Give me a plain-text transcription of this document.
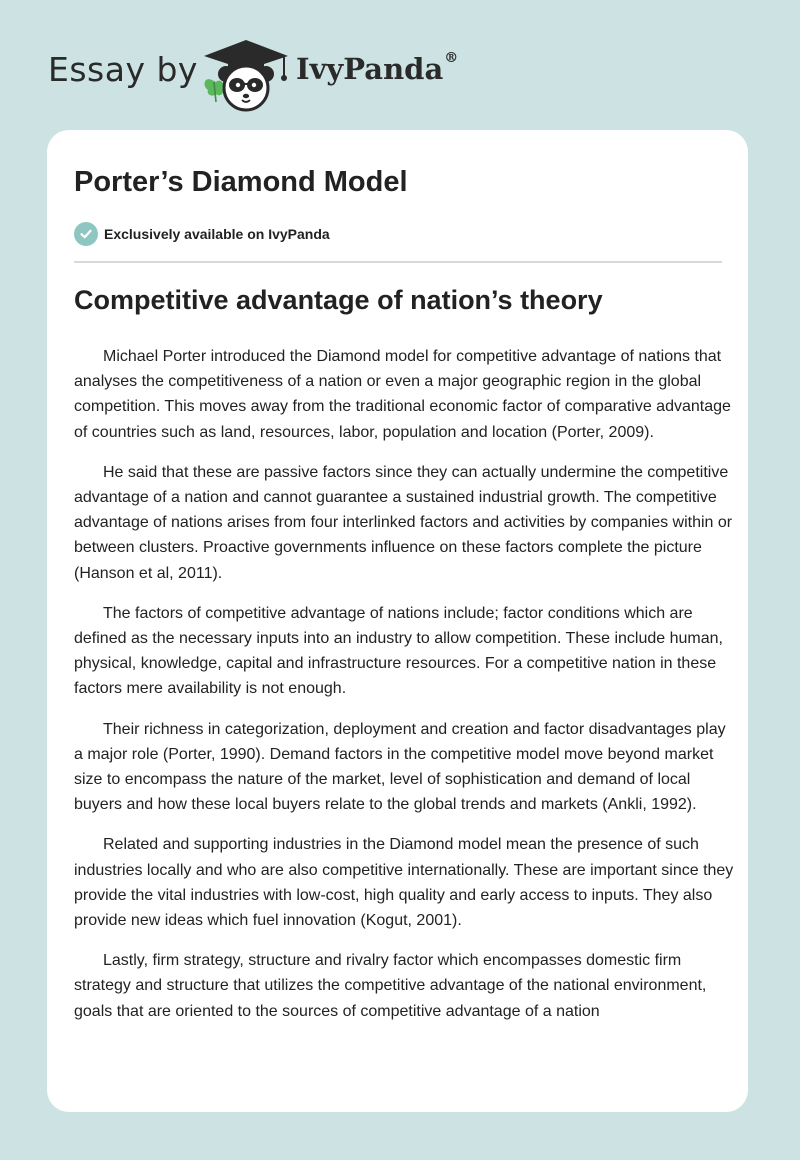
Essay by	IvyPanda®
Porter’s Diamond Model
Exclusively available on IvyPanda
Competitive advantage of nation’s theory

Michael Porter introduced the Diamond model for competitive advantage of nations that analyses the competitiveness of a nation or even a major geographic region in the global competition. This moves away from the traditional economic factor of comparative advantage of countries such as land, resources, labor, population and location (Porter, 2009).

He said that these are passive factors since they can actually undermine the competitive advantage of a nation and cannot guarantee a sustained industrial growth. The competitive advantage of nations arises from four interlinked factors and activities by companies within or between clusters. Proactive governments influence on these factors complete the picture (Hanson et al, 2011).

The factors of competitive advantage of nations include; factor conditions which are defined as the necessary inputs into an industry to allow competition. These include human, physical, knowledge, capital and infrastructure resources. For a competitive nation in these factors mere availability is not enough.

Their richness in categorization, deployment and creation and factor disadvantages play a major role (Porter, 1990). Demand factors in the competitive model move beyond market size to encompass the nature of the market, level of sophistication and demand of local buyers and how these local buyers relate to the global trends and markets (Ankli, 1992).

Related and supporting industries in the Diamond model mean the presence of such industries locally and who are also competitive internationally. These are important since they provide the vital industries with low-cost, high quality and early access to inputs. They also provide new ideas which fuel innovation (Kogut, 2001).

Lastly, firm strategy, structure and rivalry factor which encompasses domestic firm strategy and structure that utilizes the competitive advantage of the national environment, goals that are oriented to the sources of competitive advantage of a nation
